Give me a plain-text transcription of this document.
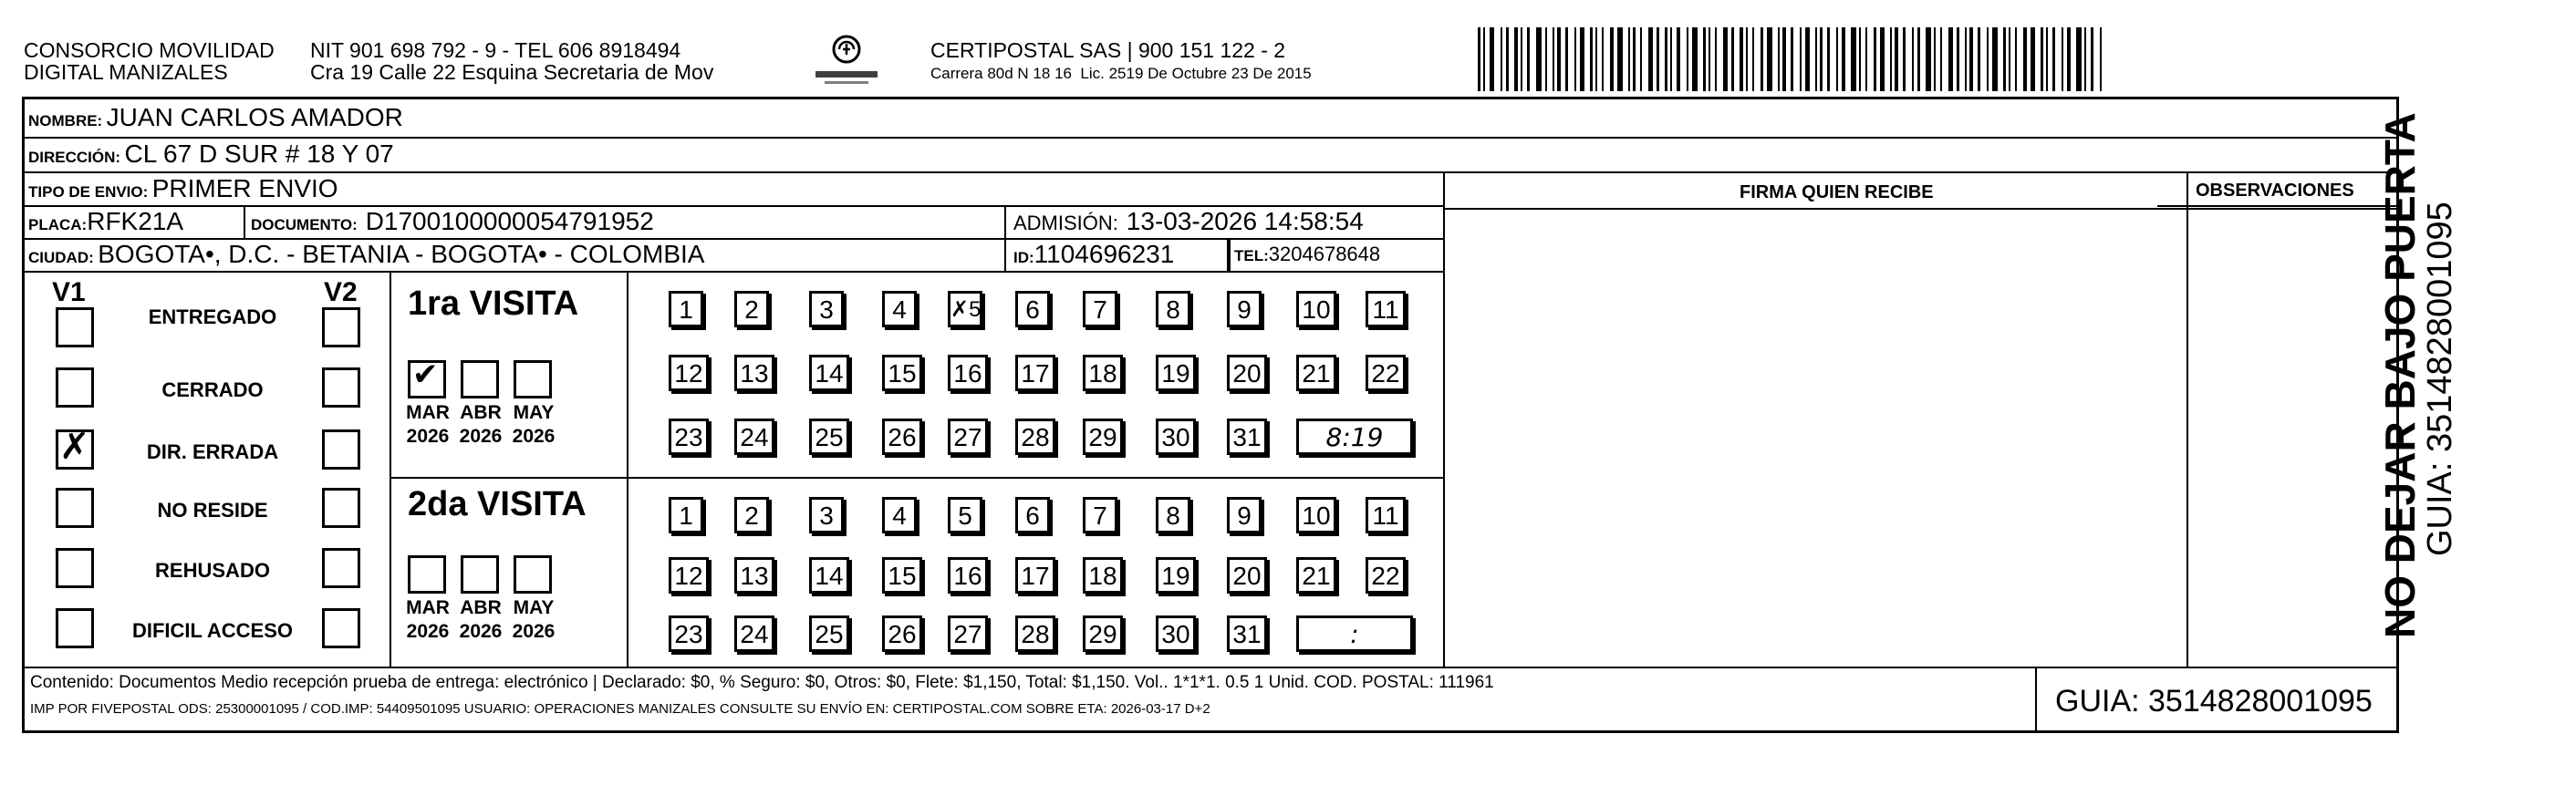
CONSORCIO MOVILIDAD
DIGITAL MANIZALES
NIT 901 698 792 - 9 - TEL 606 8918494
Cra 19 Calle 22 Esquina Secretaria de Mov
CERTIPOSTAL SAS | 900 151 122 - 2
Carrera 80d N 18 16  Lic. 2519 De Octubre 23 De 2015
NOMBRE: JUAN CARLOS AMADOR
DIRECCIÓN: CL 67 D SUR # 18 Y 07
TIPO DE ENVIO: PRIMER ENVIO	FIRMA QUIEN RECIBE	OBSERVACIONES
PLACA:RFK21A	DOCUMENTO: D1700100000054791952	ADMISIÓN: 13-03-2026 14:58:54
CIUDAD: BOGOTA•, D.C. - BETANIA - BOGOTA• - COLOMBIA	ID:1104696231	TEL:3204678648
V1	V2
ENTREGADO
CERRADO
✗	DIR. ERRADA
NO RESIDE
REHUSADO
DIFICIL ACCESO
1ra VISITA
2da VISITA
✔
MAR
2026
ABR
2026
MAY
2026
MAR
2026
ABR
2026
MAY
2026
1	2	3	4	✗5	6	7	8	9	10 11
12 13 14 15 16 17 18 19 20 21 22
23 24 25 26 27 28 29 30 31	8:19
1	2	3	4	5	6	7	8	9	10 11
12 13 14 15 16 17 18 19 20 21 22
23 24 25 26 27 28 29 30 31	:
Contenido: Documentos Medio recepción prueba de entrega: electrónico | Declarado: $0, % Seguro: $0, Otros: $0, Flete: $1,150, Total: $1,150. Vol.. 1*1*1. 0.5 1 Unid. COD. POSTAL: 111961
IMP POR FIVEPOSTAL ODS: 25300001095 / COD.IMP: 54409501095 USUARIO: OPERACIONES MANIZALES CONSULTE SU ENVÍO EN: CERTIPOSTAL.COM SOBRE ETA: 2026-03-17 D+2	GUIA: 3514828001095
NO DEJAR BAJO PUERTA
GUIA: 3514828001095
